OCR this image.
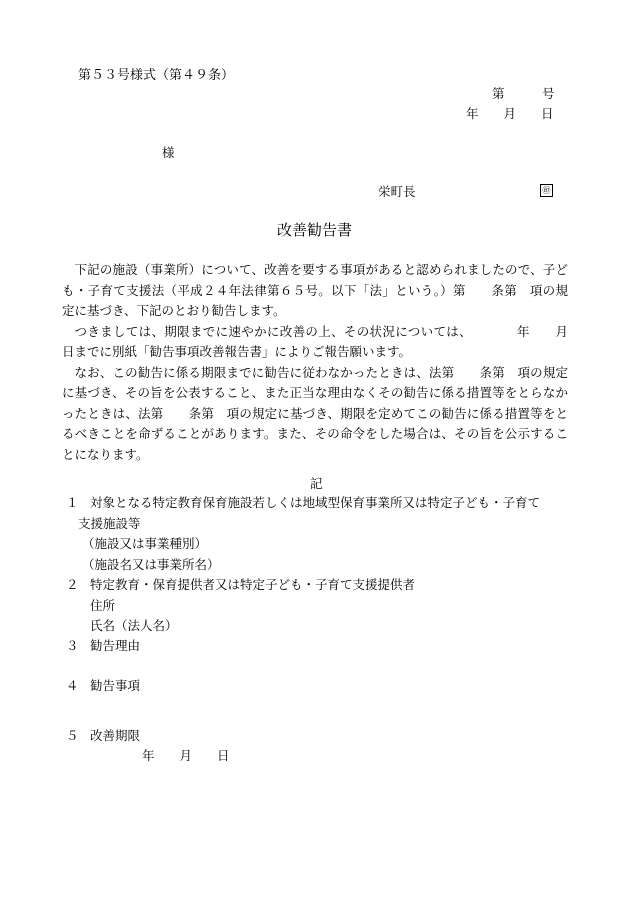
第５３号様式（第４９条）
第　　　号
年　　月　　日
様
栄町長	㊞
改善勧告書

下記の施設（事業所）について、改善を要する事項があると認められましたので、子ども・子育て支援法（平成２４年法律第６５号。以下「法」という。）第　　条第　項の規定に基づき、下記のとおり勧告します。

つきましては、期限までに速やかに改善の上、その状況については、　　　　年　　月　　日までに別紙「勧告事項改善報告書」によりご報告願います。

なお、この勧告に係る期限までに勧告に従わなかったときは、法第　　条第　項の規定に基づき、その旨を公表すること、また正当な理由なくその勧告に係る措置等をとらなかったときは、法第　　条第　項の規定に基づき、期限を定めてこの勧告に係る措置等をとるべきことを命ずることがあります。また、その命令をした場合は、その旨を公示することになります。

記
１ 対象となる特定教育保育施設若しくは地域型保育事業所又は特定子ども・子育て
支援施設等
（施設又は事業種別）
（施設名又は事業所名）
２ 特定教育・保育提供者又は特定子ども・子育て支援提供者
住所
氏名（法人名）
３ 勧告理由
４ 勧告事項
５ 改善期限
年　　月　　日
